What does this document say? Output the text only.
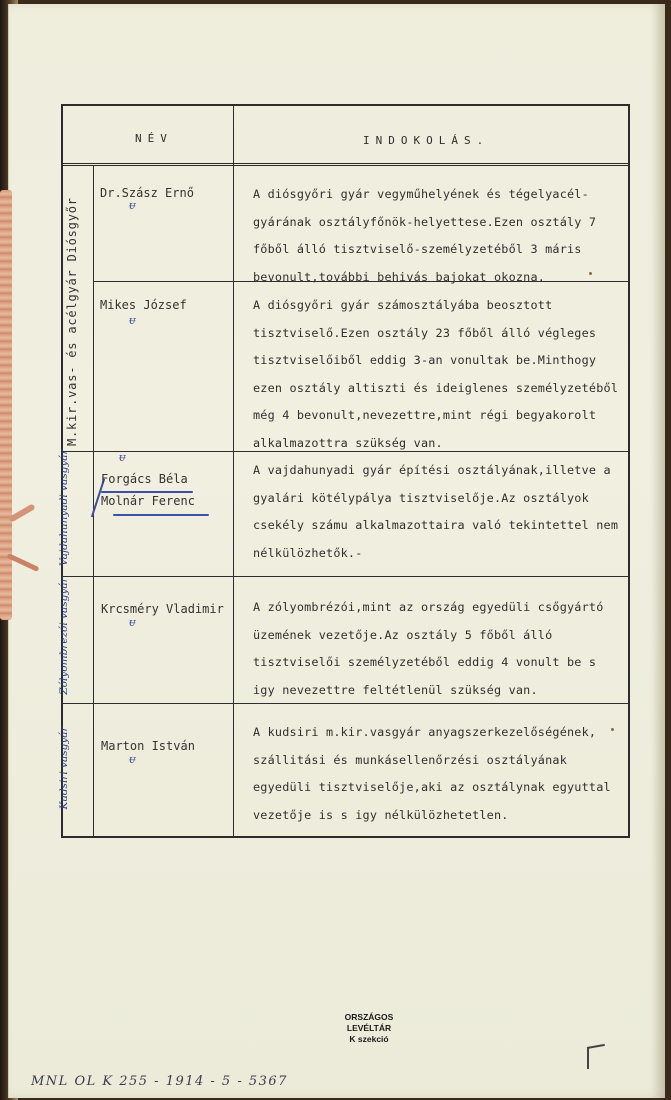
NÉV	INDOKOLÁS.
M.kir.vas- és acélgyár Diósgyőr
Vajdahunyadi vasgyár
Zólyombrezói vasgyár
Kudsiri vasgyár
Dr.Szász Ernő
ᵾ
A diósgyőri gyár vegyműhelyének és tégelyacél-gyárának osztályfőnök-helyettese.Ezen osztály 7 főből álló tisztviselő-személyzetéből 3 máris bevonult,további behivás bajokat okozna.
Mikes József
ᵾ
A diósgyőri gyár számosztályába beosztott tisztviselő.Ezen osztály 23 főből álló végleges tisztviselőiből eddig 3-an vonultak be.Minthogy ezen osztály altiszti és ideiglenes személyzetéből még 4 bevonult,nevezettre,mint régi begyakorolt alkalmazottra szükség van.
ᵾ
Forgács Béla
Molnár Ferenc
A vajdahunyadi gyár építési osztályának,illetve a gyalári kötélypálya tisztviselője.Az osztályok csekély számu alkalmazottaira való tekintettel nem nélkülözhetők.-
Krcsméry Vladimir
ᵾ
A zólyombrézói,mint az ország egyedüli csőgyártó üzemének vezetője.Az osztály 5 főből álló tisztviselői személyzetéből eddig 4 vonult be s igy nevezettre feltétlenül szükség van.
Marton István
ᵾ
A kudsiri m.kir.vasgyár anyagszerkezelőségének, szállitási és munkásellenőrzési osztályának egyedüli tisztviselője,aki az osztálynak egyuttal vezetője is s igy nélkülözhetetlen.
ORSZÁGOS LEVÉLTÁR
K szekció
MNL OL K 255 - 1914 - 5 - 5367
